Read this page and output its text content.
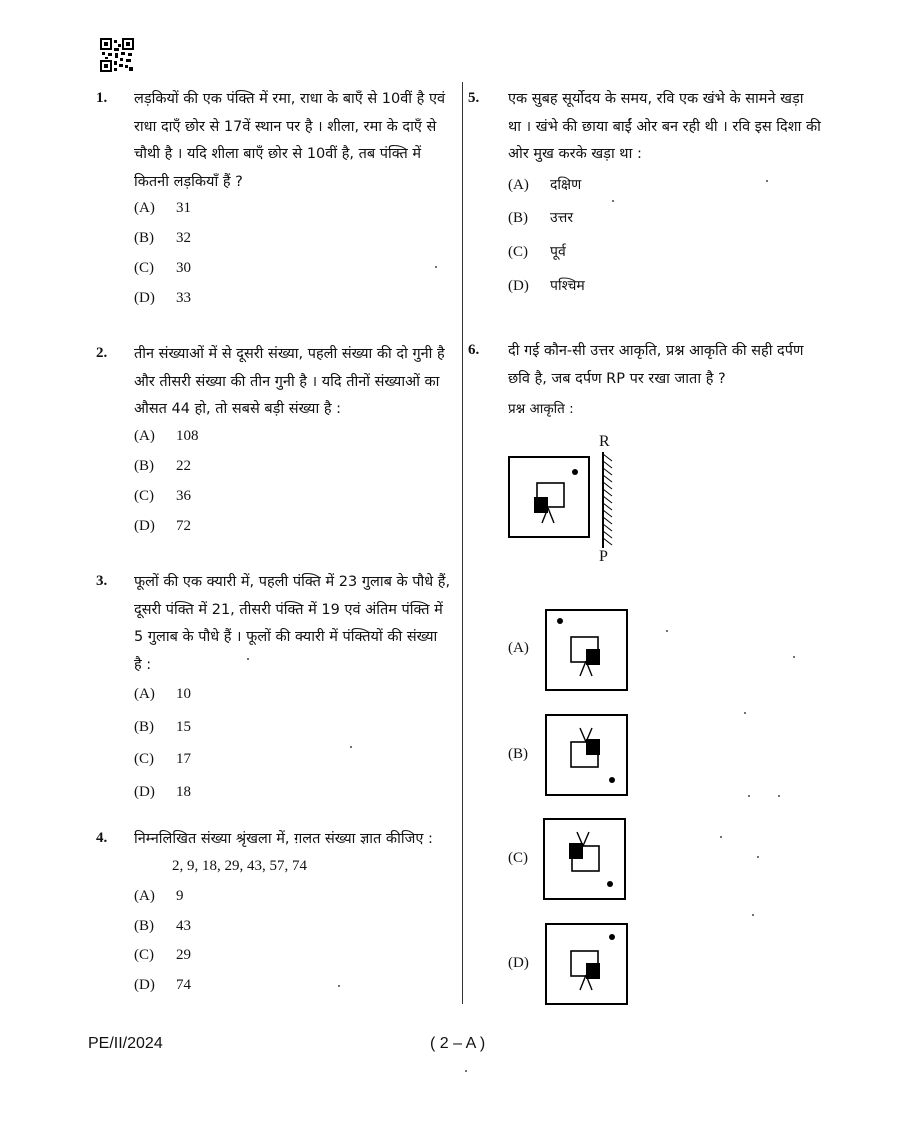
1. लड़कियों की एक पंक्ति में रमा, राधा के बाएँ से 10वीं है एवं
राधा दाएँ छोर से 17वें स्थान पर है । शीला, रमा के दाएँ से
चौथी है । यदि शीला बाएँ छोर से 10वीं है, तब पंक्ति में
कितनी लड़कियाँ हैं ?
(A) 31
(B) 32
(C) 30
(D) 33
2. तीन संख्याओं में से दूसरी संख्या, पहली संख्या की दो गुनी है
और तीसरी संख्या की तीन गुनी है । यदि तीनों संख्याओं का
औसत 44 हो, तो सबसे बड़ी संख्या है :
(A) 108
(B) 22
(C) 36
(D) 72
3. फूलों की एक क्यारी में, पहली पंक्ति में 23 गुलाब के पौधे हैं,
दूसरी पंक्ति में 21, तीसरी पंक्ति में 19 एवं अंतिम पंक्ति में
5 गुलाब के पौधे हैं । फूलों की क्यारी में पंक्तियों की संख्या
है :
(A) 10
(B) 15
(C) 17
(D) 18
4. निम्नलिखित संख्या श्रृंखला में, ग़लत संख्या ज्ञात कीजिए :
2, 9, 18, 29, 43, 57, 74
(A) 9
(B) 43
(C) 29
(D) 74
5. एक सुबह सूर्योदय के समय, रवि एक खंभे के सामने खड़ा
था । खंभे की छाया बाईं ओर बन रही थी । रवि इस दिशा की
ओर मुख करके खड़ा था :
(A) दक्षिण
(B) उत्तर
(C) पूर्व
(D) पश्चिम
6. दी गई कौन-सी उत्तर आकृति, प्रश्न आकृति की सही दर्पण
छवि है, जब दर्पण RP पर रखा जाता है ?
प्रश्न आकृति :
R
P
(A)
(B)
(C)
(D)
PE/II/2024	( 2 – A )
